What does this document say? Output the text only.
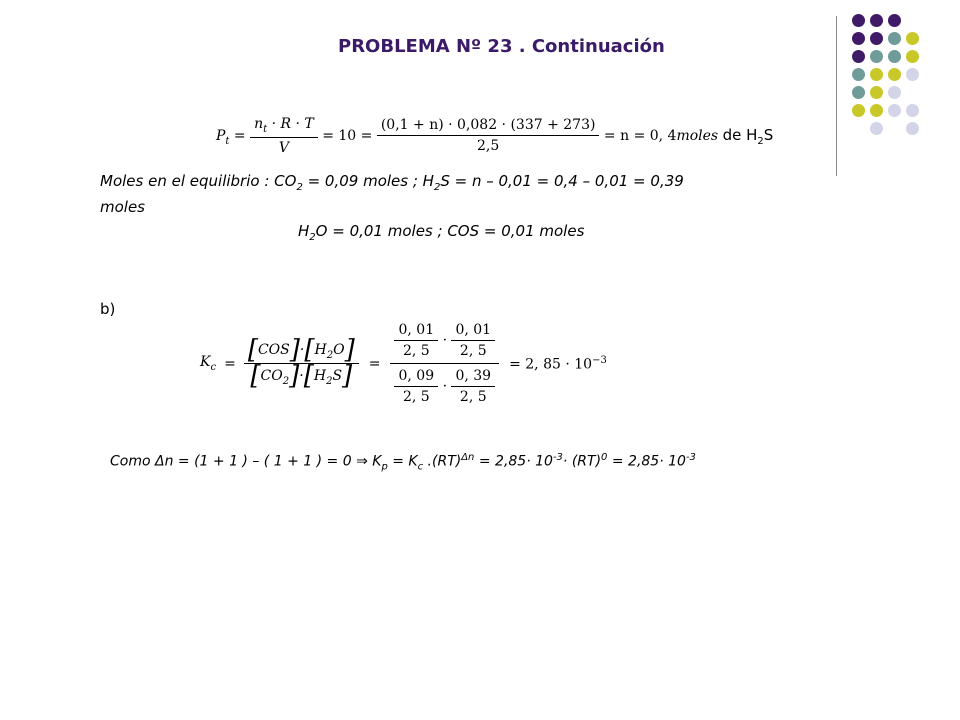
PROBLEMA Nº 23 . Continuación
$P_t = \frac{n_t \cdot R \cdot T}{V} = 10 = \frac{(0,1 + n) \cdot 0,082 \cdot (337 + 273)}{2,5} = n = 0$, 4moles de $H_2S$
Moles en el equilibrio : $CO_2 = 0,09$ moles ; $H_2S = n - 0,01 = 0,4 - 0,01 = 0,39$
moles
$H_2O = 0,01$ moles ; COS = 0,01 moles
b)
$K_c = \frac{[COS]\cdot[H_2O]}{[CO_2]\cdot[H_2S]} = \frac{\frac{0, 01}{2, 5} \cdot \frac{0, 01}{2, 5}}{\frac{0, 09}{2, 5} \cdot \frac{0, 39}{2, 5}} = 2$, $85 \cdot 10^{-3}$
Como Δn = (1 + 1 ) – ( 1 + 1 ) = 0 ⇒ $K_p = K_c$ $.(RT)^{\Delta n} = 2,85\cdot 10^{-3}\cdot (RT)^0 = 2,85\cdot 10^{-3}$
